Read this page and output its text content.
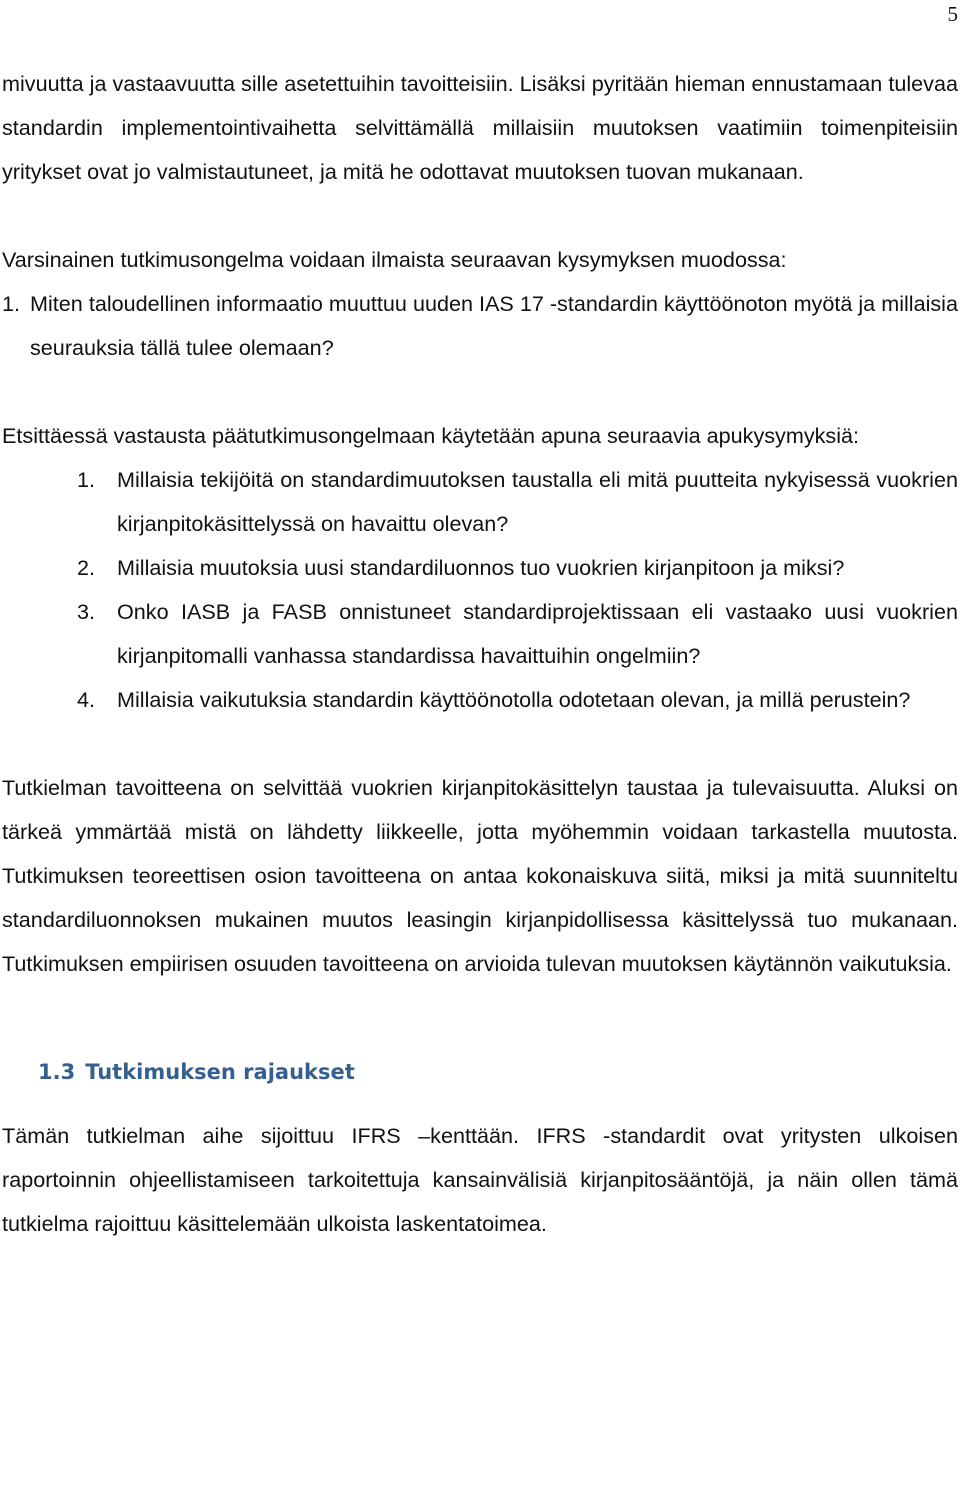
5

mivuutta ja vastaavuutta sille asetettuihin tavoitteisiin. Lisäksi pyritään hieman ennustamaan tulevaa standardin implementointivaihetta selvittämällä millaisiin muutoksen vaatimiin toimenpiteisiin yritykset ovat jo valmistautuneet, ja mitä he odottavat muutoksen tuovan mukanaan.

Varsinainen tutkimusongelma voidaan ilmaista seuraavan kysymyksen muodossa:

1. Miten taloudellinen informaatio muuttuu uuden IAS 17 -standardin käyttöönoton myötä ja millaisia seurauksia tällä tulee olemaan?

Etsittäessä vastausta päätutkimusongelmaan käytetään apuna seuraavia apukysymyksiä:

1.	Millaisia tekijöitä on standardimuutoksen taustalla eli mitä puutteita nykyisessä vuokrien kirjanpitokäsittelyssä on havaittu olevan?
2.	Millaisia muutoksia uusi standardiluonnos tuo vuokrien kirjanpitoon ja miksi?
3.	Onko IASB ja FASB onnistuneet standardiprojektissaan eli vastaako uusi vuokrien kirjanpitomalli vanhassa standardissa havaittuihin ongelmiin?
4.	Millaisia vaikutuksia standardin käyttöönotolla odotetaan olevan, ja millä perustein?

Tutkielman tavoitteena on selvittää vuokrien kirjanpitokäsittelyn taustaa ja tulevaisuutta. Aluksi on tärkeä ymmärtää mistä on lähdetty liikkeelle, jotta myöhemmin voidaan tarkastella muutosta. Tutkimuksen teoreettisen osion tavoitteena on antaa kokonaiskuva siitä, miksi ja mitä suunniteltu standardiluonnoksen mukainen muutos leasingin kirjanpidollisessa käsittelyssä tuo mukanaan. Tutkimuksen empiirisen osuuden tavoitteena on arvioida tulevan muutoksen käytännön vaikutuksia.

1.3 Tutkimuksen rajaukset

Tämän tutkielman aihe sijoittuu IFRS –kenttään. IFRS -standardit ovat yritysten ulkoisen raportoinnin ohjeellistamiseen tarkoitettuja kansainvälisiä kirjanpitosääntöjä, ja näin ollen tämä tutkielma rajoittuu käsittelemään ulkoista laskentatoimea.
